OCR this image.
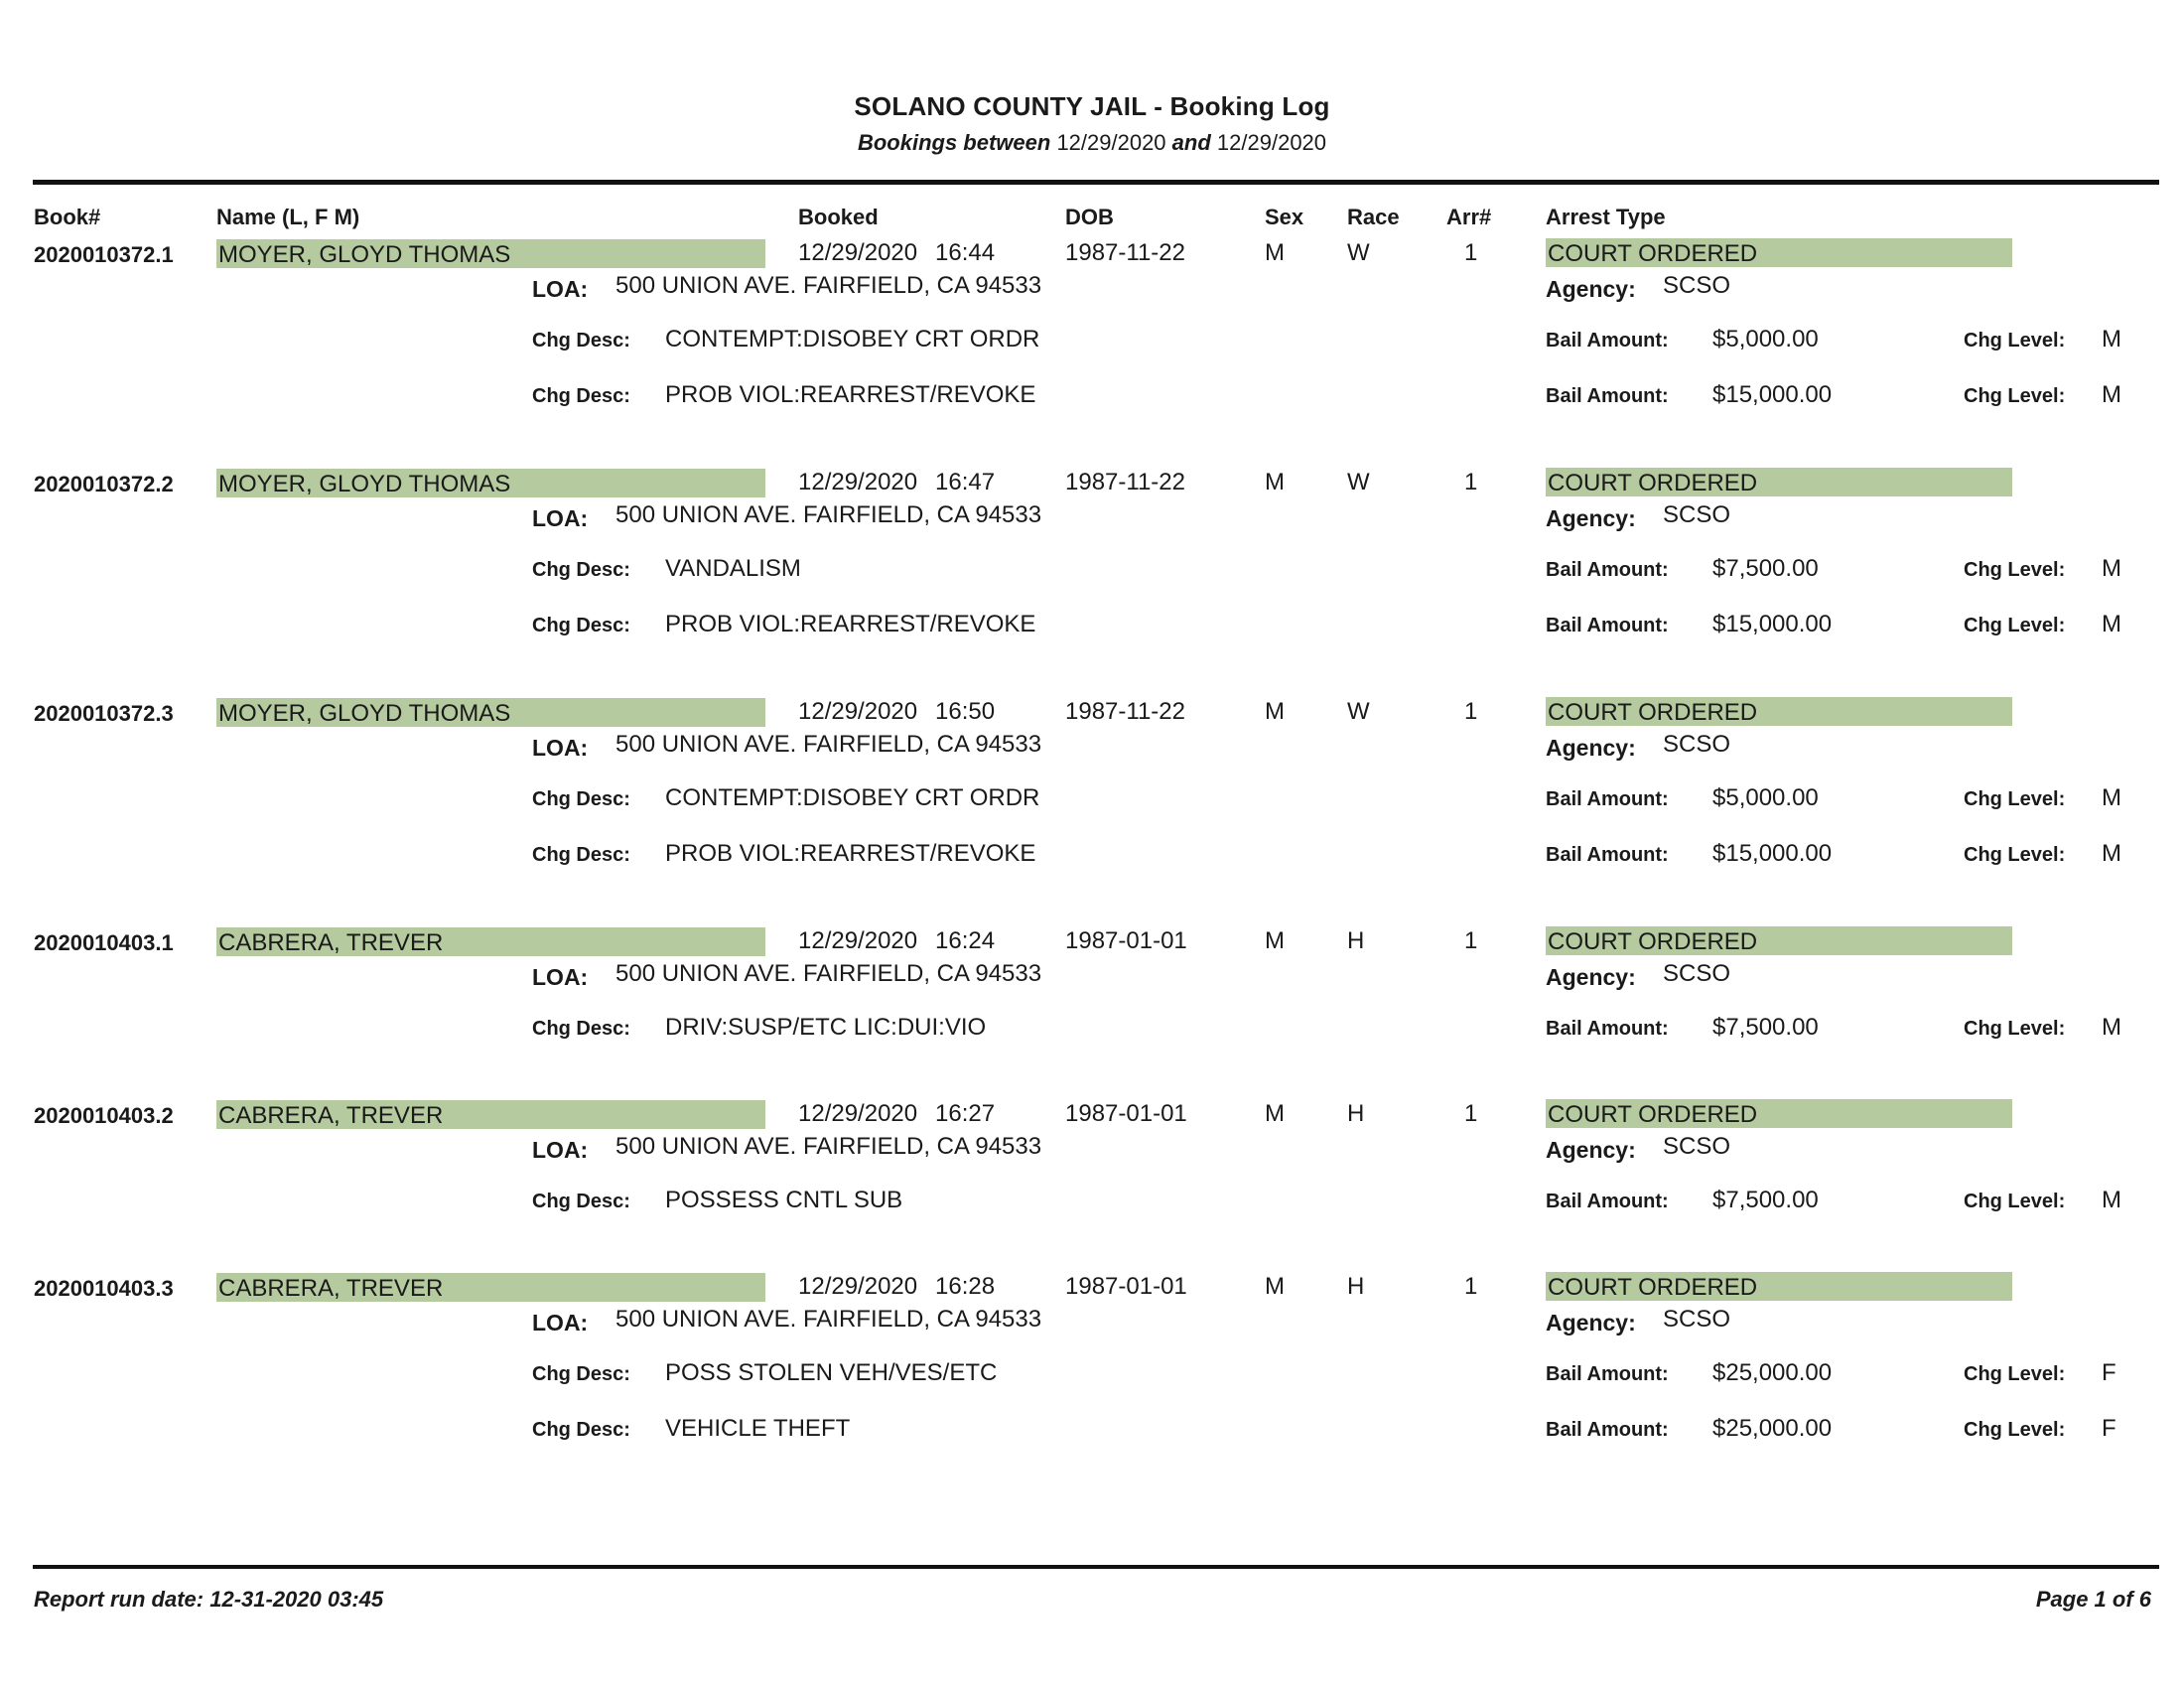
SOLANO COUNTY JAIL - Booking Log
Bookings between 12/29/2020 and 12/29/2020
Book#	Name (L, F M)	Booked	DOB	Sex Race Arr# Arrest Type
2020010372.1 MOYER, GLOYD THOMAS	12/29/2020 16:44	1987-11-22	M	W	1	COURT ORDERED
LOA: 500 UNION AVE. FAIRFIELD, CA 94533	Agency: SCSO
Chg Desc: CONTEMPT:DISOBEY CRT ORDR	Bail Amount: $5,000.00	Chg Level: M
Chg Desc: PROB VIOL:REARREST/REVOKE	Bail Amount: $15,000.00	Chg Level: M
2020010372.2 MOYER, GLOYD THOMAS	12/29/2020 16:47	1987-11-22	M	W	1	COURT ORDERED
LOA: 500 UNION AVE. FAIRFIELD, CA 94533	Agency: SCSO
Chg Desc: VANDALISM	Bail Amount: $7,500.00	Chg Level: M
Chg Desc: PROB VIOL:REARREST/REVOKE	Bail Amount: $15,000.00	Chg Level: M
2020010372.3 MOYER, GLOYD THOMAS	12/29/2020 16:50	1987-11-22	M	W	1	COURT ORDERED
LOA: 500 UNION AVE. FAIRFIELD, CA 94533	Agency: SCSO
Chg Desc: CONTEMPT:DISOBEY CRT ORDR	Bail Amount: $5,000.00	Chg Level: M
Chg Desc: PROB VIOL:REARREST/REVOKE	Bail Amount: $15,000.00	Chg Level: M
2020010403.1 CABRERA, TREVER	12/29/2020 16:24	1987-01-01	M	H	1	COURT ORDERED
LOA: 500 UNION AVE. FAIRFIELD, CA 94533	Agency: SCSO
Chg Desc: DRIV:SUSP/ETC LIC:DUI:VIO	Bail Amount: $7,500.00	Chg Level: M
2020010403.2 CABRERA, TREVER	12/29/2020 16:27	1987-01-01	M	H	1	COURT ORDERED
LOA: 500 UNION AVE. FAIRFIELD, CA 94533	Agency: SCSO
Chg Desc: POSSESS CNTL SUB	Bail Amount: $7,500.00	Chg Level: M
2020010403.3 CABRERA, TREVER	12/29/2020 16:28	1987-01-01	M	H	1	COURT ORDERED
LOA: 500 UNION AVE. FAIRFIELD, CA 94533	Agency: SCSO
Chg Desc: POSS STOLEN VEH/VES/ETC	Bail Amount: $25,000.00	Chg Level: F
Chg Desc: VEHICLE THEFT	Bail Amount: $25,000.00	Chg Level: F
Report run date: 12-31-2020 03:45	Page 1 of 6
